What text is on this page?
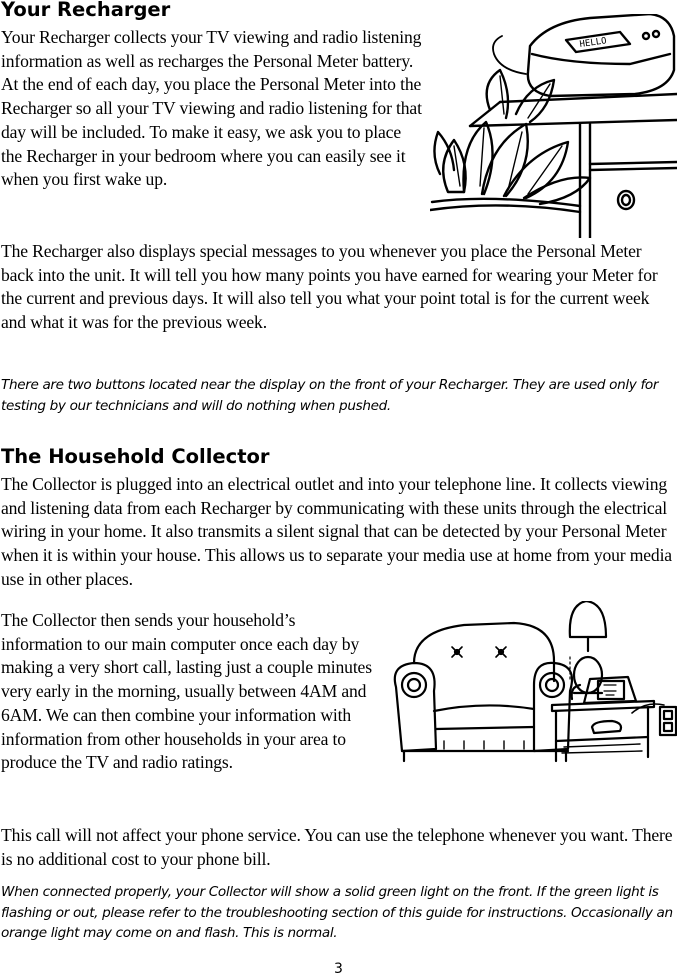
Your Recharger

Your Recharger collects your TV viewing and radio listening information as well as recharges the Personal Meter battery. At the end of each day, you place the Personal Meter into the Recharger so all your TV viewing and radio listening for that day will be included. To make it easy, we ask you to place the Recharger in your bedroom where you can easily see it when you first wake up.

HELLO

The Recharger also displays special messages to you whenever you place the Personal Meter back into the unit. It will tell you how many points you have earned for wearing your Meter for the current and previous days. It will also tell you what your point total is for the current week and what it was for the previous week.

There are two buttons located near the display on the front of your Recharger. They are used only for testing by our technicians and will do nothing when pushed.

The Household Collector

The Collector is plugged into an electrical outlet and into your telephone line. It collects viewing and listening data from each Recharger by communicating with these units through the electrical wiring in your home. It also transmits a silent signal that can be detected by your Personal Meter when it is within your house. This allows us to separate your media use at home from your media use in other places.

The Collector then sends your household’s information to our main computer once each day by making a very short call, lasting just a couple minutes very early in the morning, usually between 4AM and 6AM. We can then combine your information with information from other households in your area to produce the TV and radio ratings.

This call will not affect your phone service. You can use the telephone whenever you want. There is no additional cost to your phone bill.

When connected properly, your Collector will show a solid green light on the front. If the green light is flashing or out, please refer to the troubleshooting section of this guide for instructions. Occasionally an orange light may come on and flash. This is normal.

3
